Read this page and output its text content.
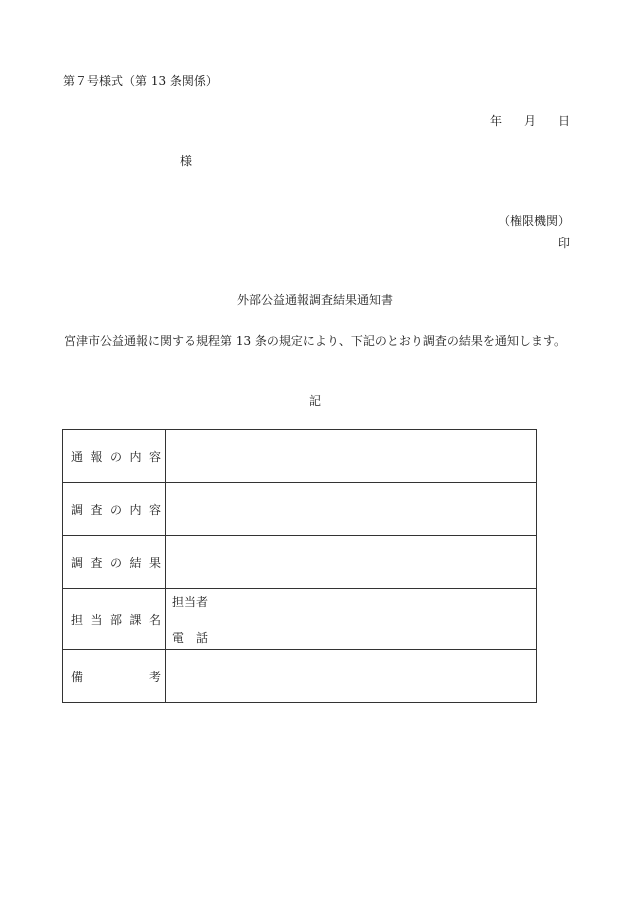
第７号様式（第 13 条関係）
年 月 日
様
（権限機関）
印
外部公益通報調査結果通知書
宮津市公益通報に関する規程第 13 条の規定により、下記のとおり調査の結果を通知します。
記
通報の内容	
調査の内容	
調査の結果	
担当部課名	担当者
電 話

備考	
